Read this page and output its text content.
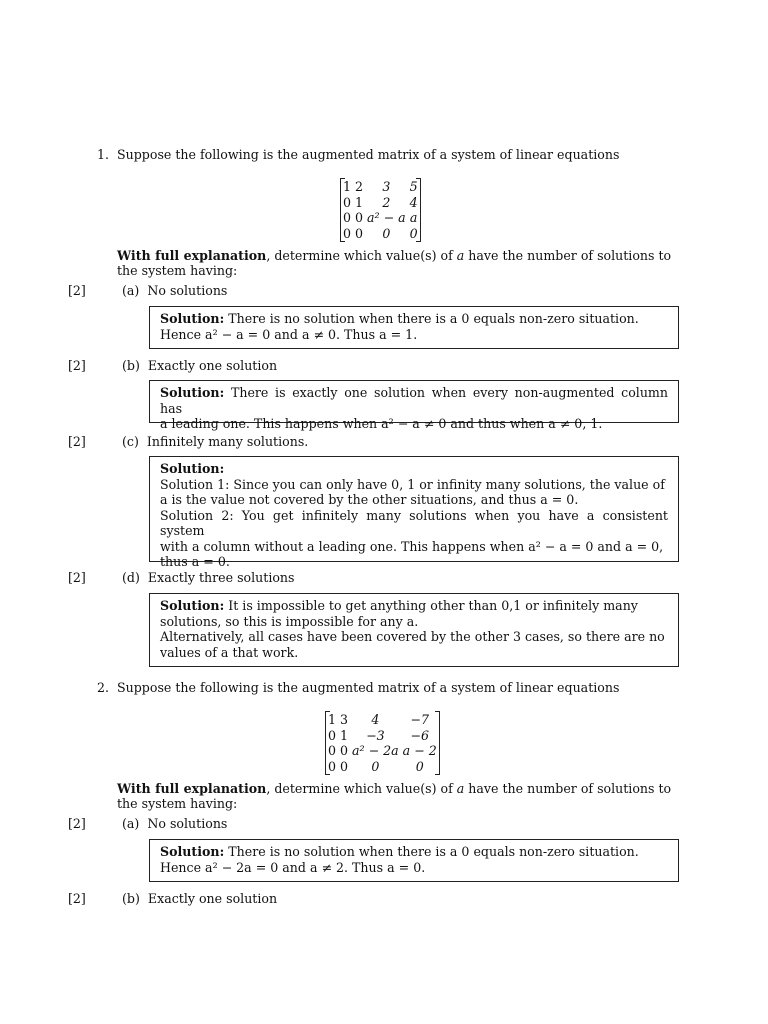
1. Suppose the following is the augmented matrix of a system of linear equations
1	2	3	5
0	1	2	4
0	0	a² − a	a
0	0	0	0
With full explanation, determine which value(s) of a have the number of solutions to
the system having:
[2]	(a) No solutions
Solution: There is no solution when there is a 0 equals non-zero situation.
Hence a² − a = 0 and a ≠ 0. Thus a = 1.
[2]	(b) Exactly one solution
Solution: There is exactly one solution when every non-augmented column has
a leading one. This happens when a² − a ≠ 0 and thus when a ≠ 0, 1.
[2]	(c) Infinitely many solutions.
Solution:
Solution 1: Since you can only have 0, 1 or infinity many solutions, the value of
a is the value not covered by the other situations, and thus a = 0.
Solution 2: You get infinitely many solutions when you have a consistent system
with a column without a leading one. This happens when a² − a = 0 and a = 0,
thus a = 0.
[2]	(d) Exactly three solutions
Solution: It is impossible to get anything other than 0,1 or infinitely many
solutions, so this is impossible for any a.
Alternatively, all cases have been covered by the other 3 cases, so there are no
values of a that work.
2. Suppose the following is the augmented matrix of a system of linear equations
1	3	4	−7
0	1	−3	−6
0	0	a² − 2a	a − 2
0	0	0	0
With full explanation, determine which value(s) of a have the number of solutions to
the system having:
[2]	(a) No solutions
Solution: There is no solution when there is a 0 equals non-zero situation.
Hence a² − 2a = 0 and a ≠ 2. Thus a = 0.
[2]	(b) Exactly one solution
